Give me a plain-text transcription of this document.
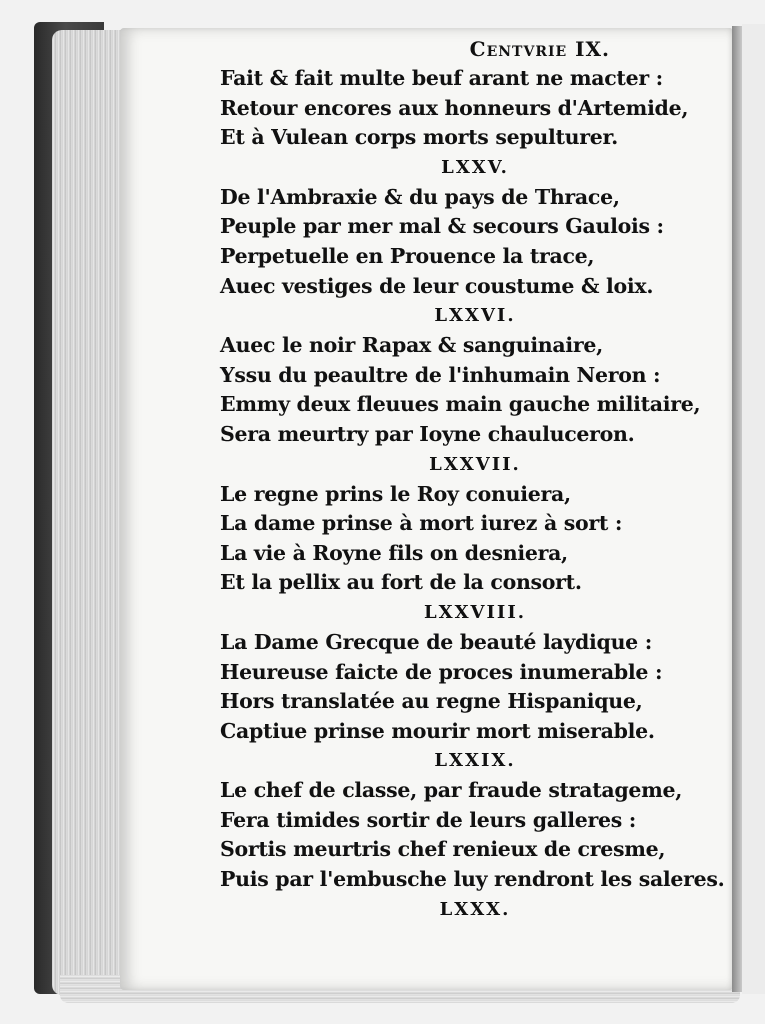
Centvrie IX.
Fait & fait multe beuf arant ne macter :
Retour encores aux honneurs d'Artemide,
Et à Vulean corps morts sepulturer.
LXXV.
De l'Ambraxie & du pays de Thrace,
Peuple par mer mal & secours Gaulois :
Perpetuelle en Prouence la trace,
Auec vestiges de leur coustume & loix.
LXXVI.
Auec le noir Rapax & sanguinaire,
Yssu du peaultre de l'inhumain Neron :
Emmy deux fleuues main gauche militaire,
Sera meurtry par Ioyne chauluceron.
LXXVII.
Le regne prins le Roy conuiera,
La dame prinse à mort iurez à sort :
La vie à Royne fils on desniera,
Et la pellix au fort de la consort.
LXXVIII.
La Dame Grecque de beauté laydique :
Heureuse faicte de proces inumerable :
Hors translatée au regne Hispanique,
Captiue prinse mourir mort miserable.
LXXIX.
Le chef de classe, par fraude stratageme,
Fera timides sortir de leurs galleres :
Sortis meurtris chef renieux de cresme,
Puis par l'embusche luy rendront les saleres.
LXXX.
